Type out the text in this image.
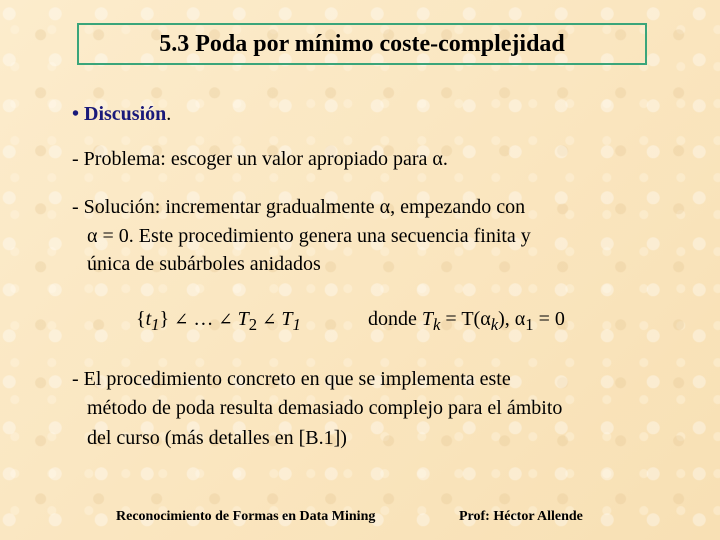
5.3 Poda por mínimo coste-complejidad
• Discusión.
- Problema: escoger un valor apropiado para α.
- Solución: incrementar gradualmente α, empezando con
α = 0. Este procedimiento genera una secuencia finita y
única de subárboles anidados
$\{t_1\}$ ∠ … ∠ $T_2$ ∠ $T_1$	donde $T_k = T(\alpha_k)$, $\alpha_1 = 0$
- El procedimiento concreto en que se implementa este
método de poda resulta demasiado complejo para el ámbito
del curso (más detalles en [B.1])
Reconocimiento de Formas en Data Mining	Prof: Héctor Allende
